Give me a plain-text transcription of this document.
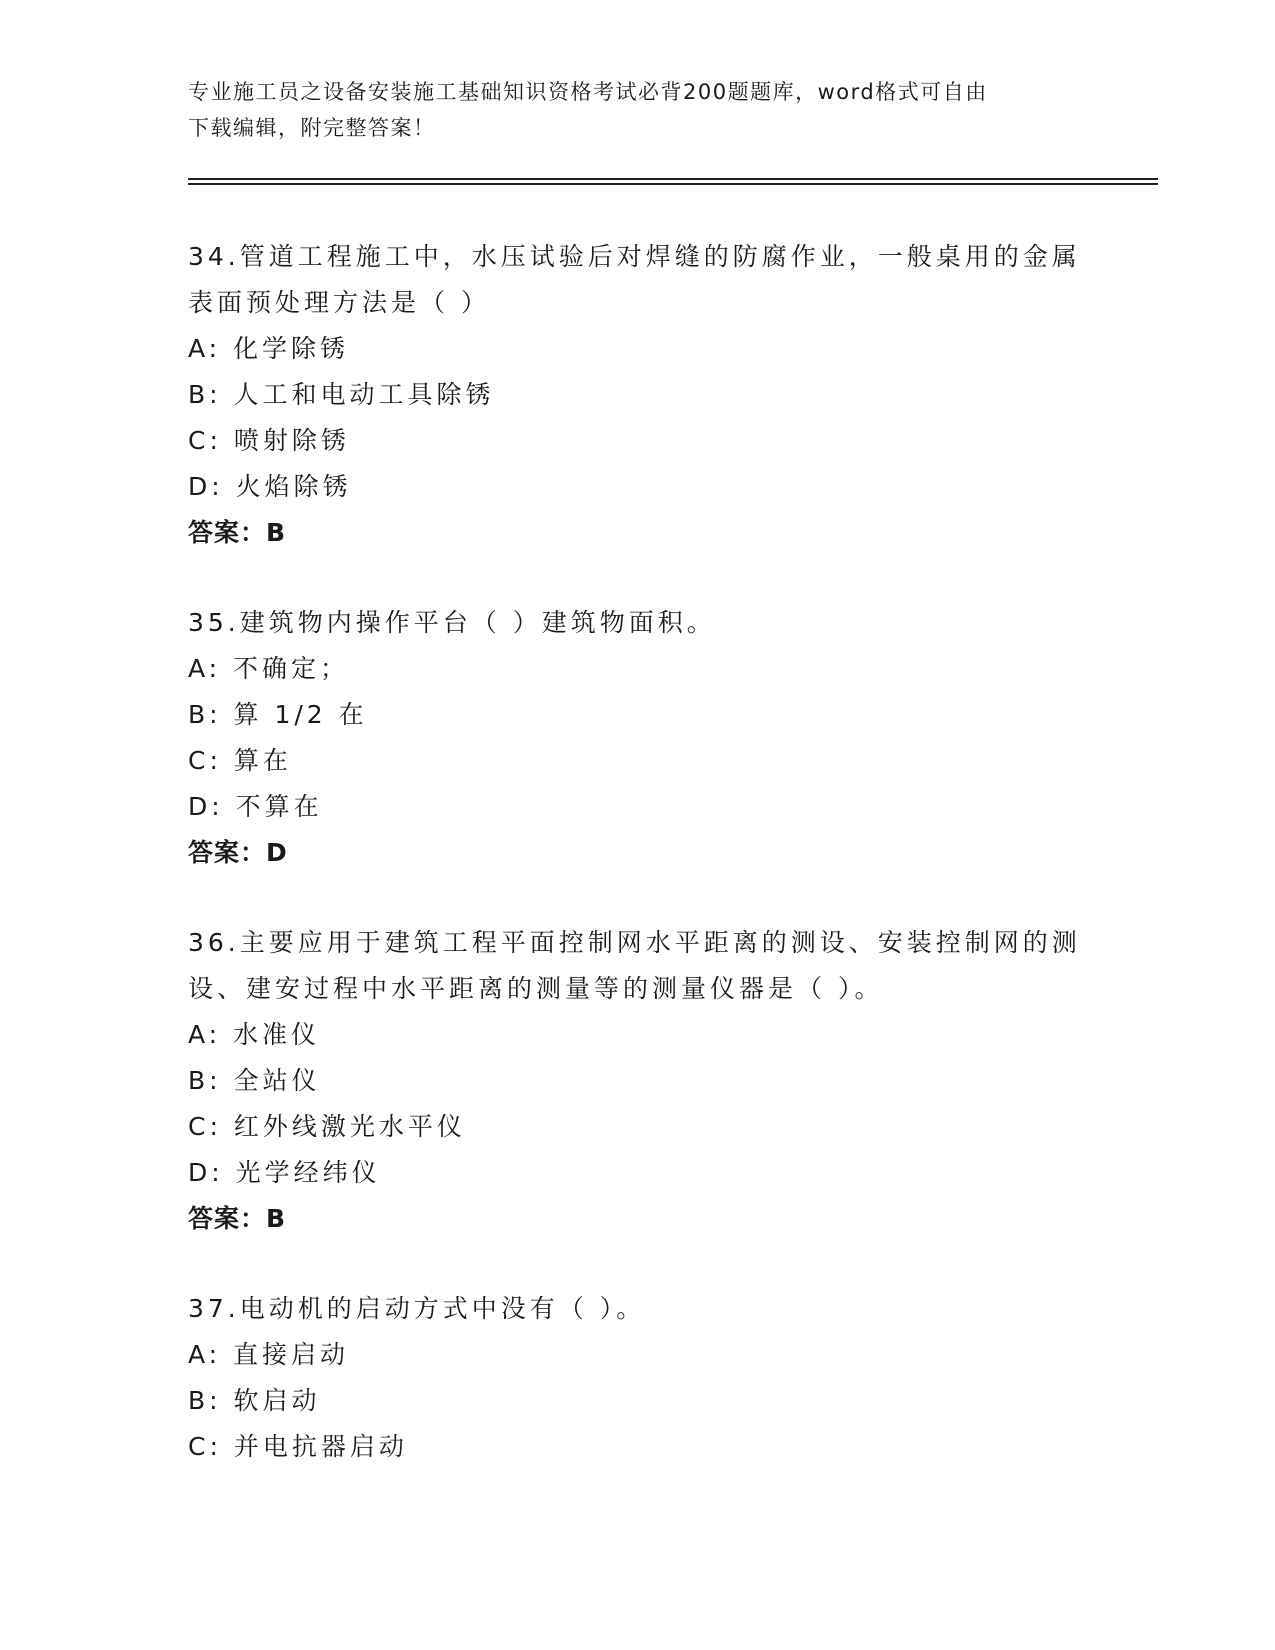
专业施工员之设备安装施工基础知识资格考试必背200题题库，word格式可自由
下载编辑，附完整答案！
34.管道工程施工中，水压试验后对焊缝的防腐作业，一般桌用的金属
表面预处理方法是（ ）
A: 化学除锈
B: 人工和电动工具除锈
C: 喷射除锈
D: 火焰除锈
答案：B
35.建筑物内操作平台（ ）建筑物面积。
A: 不确定；
B: 算 1/2 在
C: 算在
D: 不算在
答案：D
36.主要应用于建筑工程平面控制网水平距离的测设、安装控制网的测
设、建安过程中水平距离的测量等的测量仪器是（ ）。
A: 水准仪
B: 全站仪
C: 红外线激光水平仪
D: 光学经纬仪
答案：B
37.电动机的启动方式中没有（ ）。
A: 直接启动
B: 软启动
C: 并电抗器启动
